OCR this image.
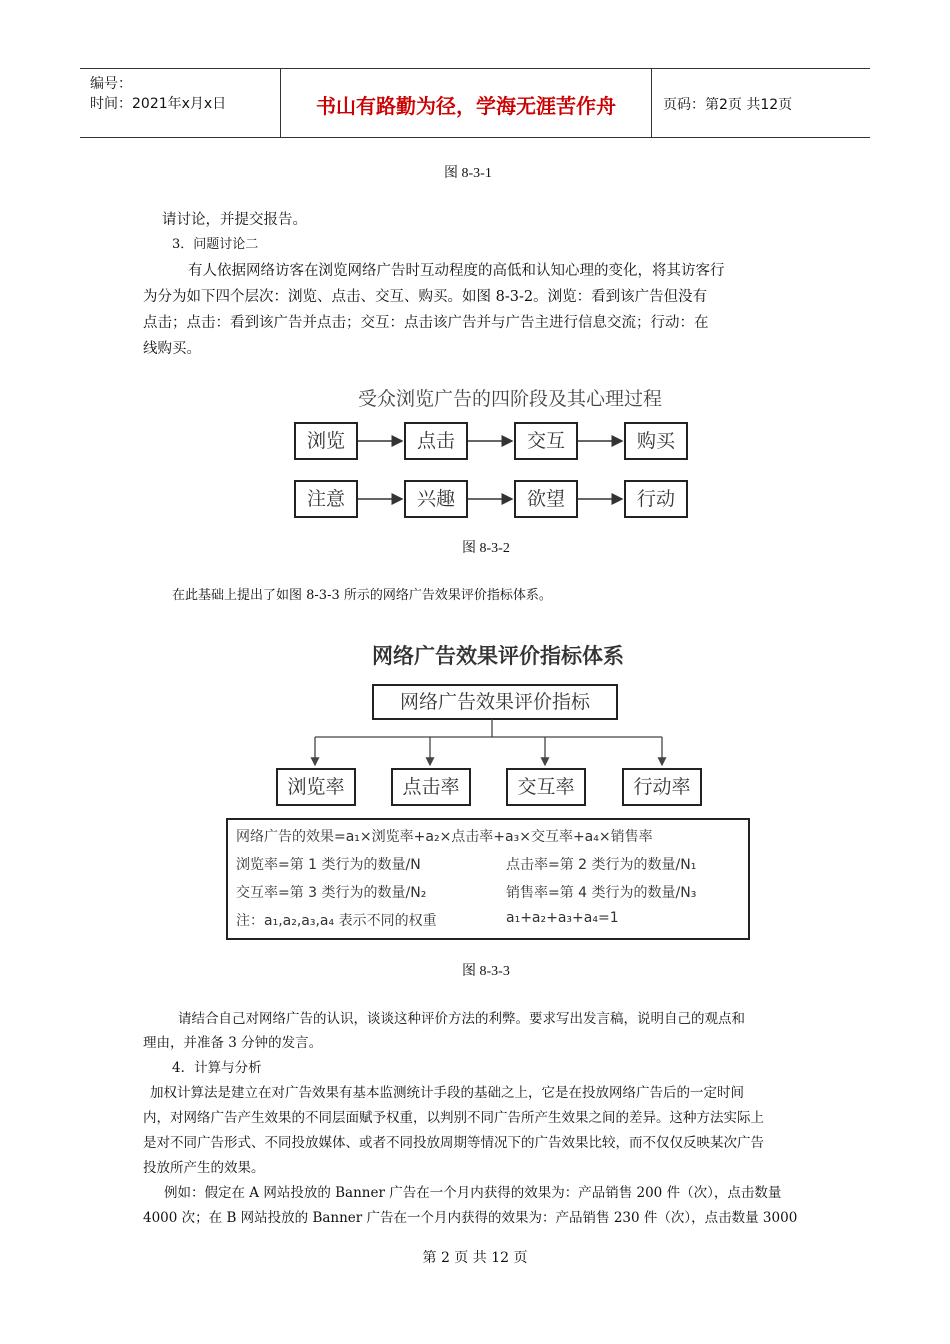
编号：
时间：2021年x月x日	书山有路勤为径，学海无涯苦作舟	页码：第2页 共12页
图 8-3-1
请讨论，并提交报告。
3．问题讨论二
有人依据网络访客在浏览网络广告时互动程度的高低和认知心理的变化，将其访客行
为分为如下四个层次：浏览、点击、交互、购买。如图 8-3-2。浏览：看到该广告但没有
点击；点击：看到该广告并点击；交互：点击该广告并与广告主进行信息交流；行动：在
线购买。
受众浏览广告的四阶段及其心理过程
浏览	点击	交互	购买
注意	兴趣	欲望	行动
图 8-3-2
在此基础上提出了如图 8-3-3 所示的网络广告效果评价指标体系。
网络广告效果评价指标体系
网络广告效果评价指标
浏览率	点击率	交互率	行动率
网络广告的效果=a₁×浏览率+a₂×点击率+a₃×交互率+a₄×销售率
浏览率=第 1 类行为的数量/N	点击率=第 2 类行为的数量/N₁
交互率=第 3 类行为的数量/N₂	销售率=第 4 类行为的数量/N₃
注：a₁,a₂,a₃,a₄ 表示不同的权重	a₁+a₂+a₃+a₄=1
图 8-3-3
请结合自己对网络广告的认识，谈谈这种评价方法的利弊。要求写出发言稿，说明自己的观点和
理由，并准备 3 分钟的发言。
4．计算与分析
加权计算法是建立在对广告效果有基本监测统计手段的基础之上，它是在投放网络广告后的一定时间
内，对网络广告产生效果的不同层面赋予权重，以判别不同广告所产生效果之间的差异。这种方法实际上
是对不同广告形式、不同投放媒体、或者不同投放周期等情况下的广告效果比较，而不仅仅反映某次广告
投放所产生的效果。
例如：假定在 A 网站投放的 Banner 广告在一个月内获得的效果为：产品销售 200 件（次），点击数量
4000 次；在 B 网站投放的 Banner 广告在一个月内获得的效果为：产品销售 230 件（次），点击数量 3000
第 2 页 共 12 页
